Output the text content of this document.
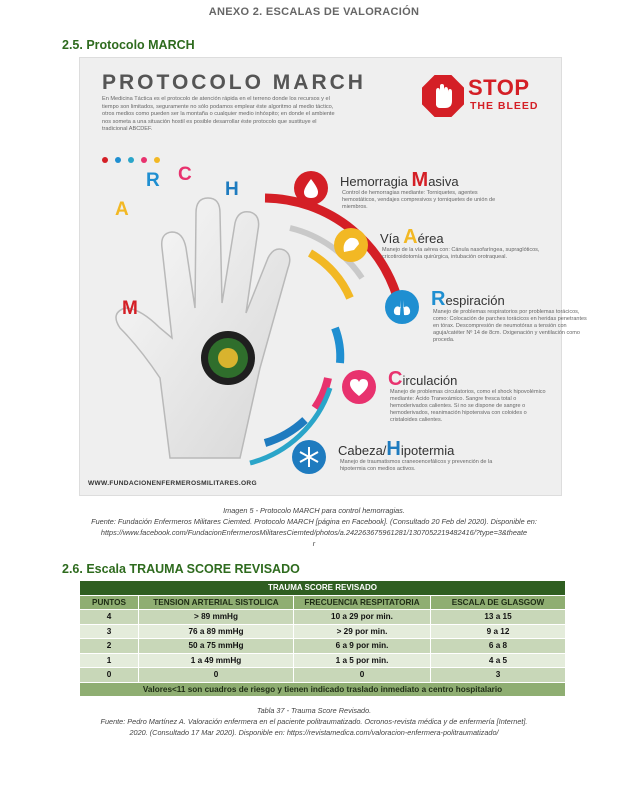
ANEXO 2. ESCALAS DE VALORACIÓN
2.5. Protocolo MARCH
PROTOCOLO MARCH
En Medicina Táctica es el protocolo de atención rápida en el terreno donde los recursos y el tiempo son limitados, seguramente no sólo podamos emplear éste algoritmo al medio táctico, otros medios como pueden ser la montaña o cualquier medio inhóspito; en donde el ambiente nos someta a una situación hostil es posible desarrollar éste protocolo que sustituye el tradicional ABCDEF.
STOP
THE BLEED
M
A
R C
H	Hemorragia Masiva
Control de hemorragias mediante: Torniquetes, agentes hemostáticos, vendajes compresivos y torniquetes de unión de miembros.
Vía Aérea
Manejo de la vía aérea con: Cánula nasofaríngea, supraglóticos, cricotiroidotomía quirúrgica, intubación orotraqueal.
Respiración
Manejo de problemas respiratorios por problemas torácicos, como: Colocación de parches torácicos en heridas penetrantes en tórax. Descompresión de neumotórax a tensión con aguja/catéter Nº 14 de 8cm. Oxigenación y ventilación como proceda.
Circulación
Manejo de problemas circulatorios, como el shock hipovolémico mediante: Ácido Tranexámico. Sangre fresca total o hemoderivados calientes. Si no se dispone de sangre o hemoderivados, reanimación hipotensiva con coloides o cristaloides calientes.
Cabeza/Hipotermia
Manejo de traumatismos craneoencefálicos y prevención de la hipotermia con medios activos.
WWW.FUNDACIONENFERMEROSMILITARES.ORG
Imagen 5 - Protocolo MARCH para control hemorragias.
Fuente: Fundación Enfermeros Militares Ciemted. Protocolo MARCH [página en Facebook]. (Consultado 20 Feb del 2020). Disponible en:
https://www.facebook.com/FundacionEnfermerosMilitaresCiemted/photos/a.242263675961281/1307052219482416/?type=3&theate
r
2.6. Escala TRAUMA SCORE REVISADO
TRAUMA SCORE REVISADO			
PUNTOS	TENSION ARTERIAL SISTOLICA	FRECUENCIA RESPITATORIA	ESCALA DE GLASGOW
4	> 89 mmHg	10 a 29 por min.	13 a 15
3	76 a 89 mmHg	> 29 por min.	9 a 12
2	50 a 75 mmHg	6 a 9 por min.	6 a 8
1	1 a 49 mmHg	1 a 5 por min.	4 a 5
0	0	0	3
Valores<11 son cuadros de riesgo y tienen indicado traslado inmediato a centro hospitalario			
Tabla 37 - Trauma Score Revisado.
Fuente: Pedro Martínez A. Valoración enfermera en el paciente politraumatizado. Ocronos-revista médica y de enfermería [Internet].
2020. (Consultado 17 Mar 2020). Disponible en: https://revistamedica.com/valoracion-enfermera-politraumatizado/
